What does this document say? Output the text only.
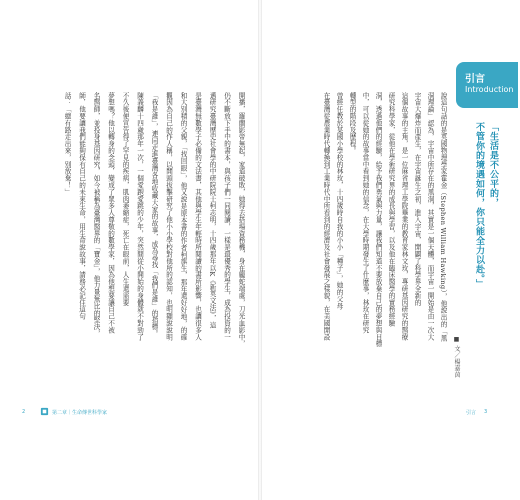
引言
Introduction
「生活是不公平的，
不管你的境遇如何，你只能全力以赴。」
■ 文／楊嘉茵
說這句話的是英國物理學家霍金（Stephen William Hawking），他說出的「黑
洞理論」認為，宇宙中所存在的黑洞，其實是一個天體，而宇宙一開始是由一次大
宇宙大爆炸而產生，在宇宙誕生之初，進入宇宙，開闢了科學界全新的
這個故事的主角，是一位麻省理工學院畢業的教育家林文玫，專研基因研究的醫療
研究科學家，從他在學術研究界的成長與學習，以及他在臨床醫學的實務經驗
洞，透過他們的經驗，給予我們勇氣與力量，讓我們知道不要放棄自己的夢想與目標
中，可以從她的故事當中看到她的信念，在大學時期發生了什麼事，林玫在研究
轉型的階段及歷程。
曾經任教於某國小學校的林玫，十四歲時自我的小小「種子」，她的父母
在臺灣從農業時代轉換到工業時代中所看到的經濟及社會發展之樣貌，在美國開設
開播，羅蘭影帝無起，家道破敗，她得去搭場資務機，身在龐蛇端處，刀光血影中，
仍不斷放下手中的書本，與孩子們一同閱讀，一樣是最優秀的學生，成為投資的一
邁研究臺灣歷史社會學的中研院院士柯志明，十四歲那年以K《新英文法》，這
是臺灣無數學子必備的文法書，其他與學生年輕時所閱讀的書所影響，也讓很多人
和大別積的父親，「找回眼」，他又說是原本書的作者柯旗生，那年還好好地，的確
觀因為自己的作人稱，以開頭拔擊研究了他小小學校對他所的認知，也明顯說說明
「我是誰」，連同走進臺灣各地收藏大家的故事，成為尋找「我們是誰」的指標。
陳義麟十四歲那年一次，一個愛跑愛跳的少年，突然間從小開始的身體就不對勁了
不久後便宣告得了罕見的疾病，肌肉萎縮症，死亡在眼前，人生還需要
夢想嗎？他以轉身的念頭，變成了眾多人尊敬的數學家，因為他想要讓自己不被
名醫師，並投身基因研究，如今被稱為臺灣醫界的「寶金」，他力量無比的堅決，
師，他要讓我們能夠保有自己的未來生命，用生命說故事，請務必記住這句
話：「總有路走出來，別放棄！」
2	第二章｜生命傳世科學家	引言 3
